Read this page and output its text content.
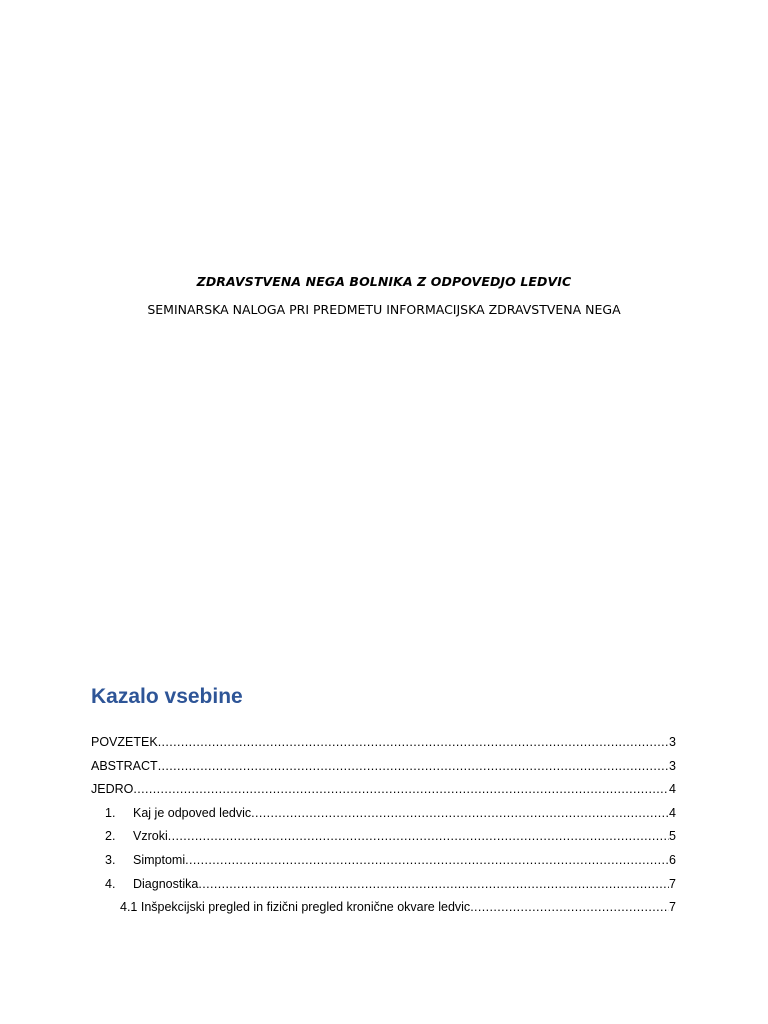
ZDRAVSTVENA NEGA BOLNIKA Z ODPOVEDJO LEDVIC
SEMINARSKA NALOGA PRI PREDMETU INFORMACIJSKA ZDRAVSTVENA NEGA
Kazalo vsebine
POVZETEK .....	3
ABSTRACT .....	3
JEDRO .....	4
1.	Kaj je odpoved ledvic .....	4
2.	Vzroki .....	5
3.	Simptomi .....	6
4.	Diagnostika .....	7
4.1 Inšpekcijski pregled in fizični pregled kronične okvare ledvic .....	7
